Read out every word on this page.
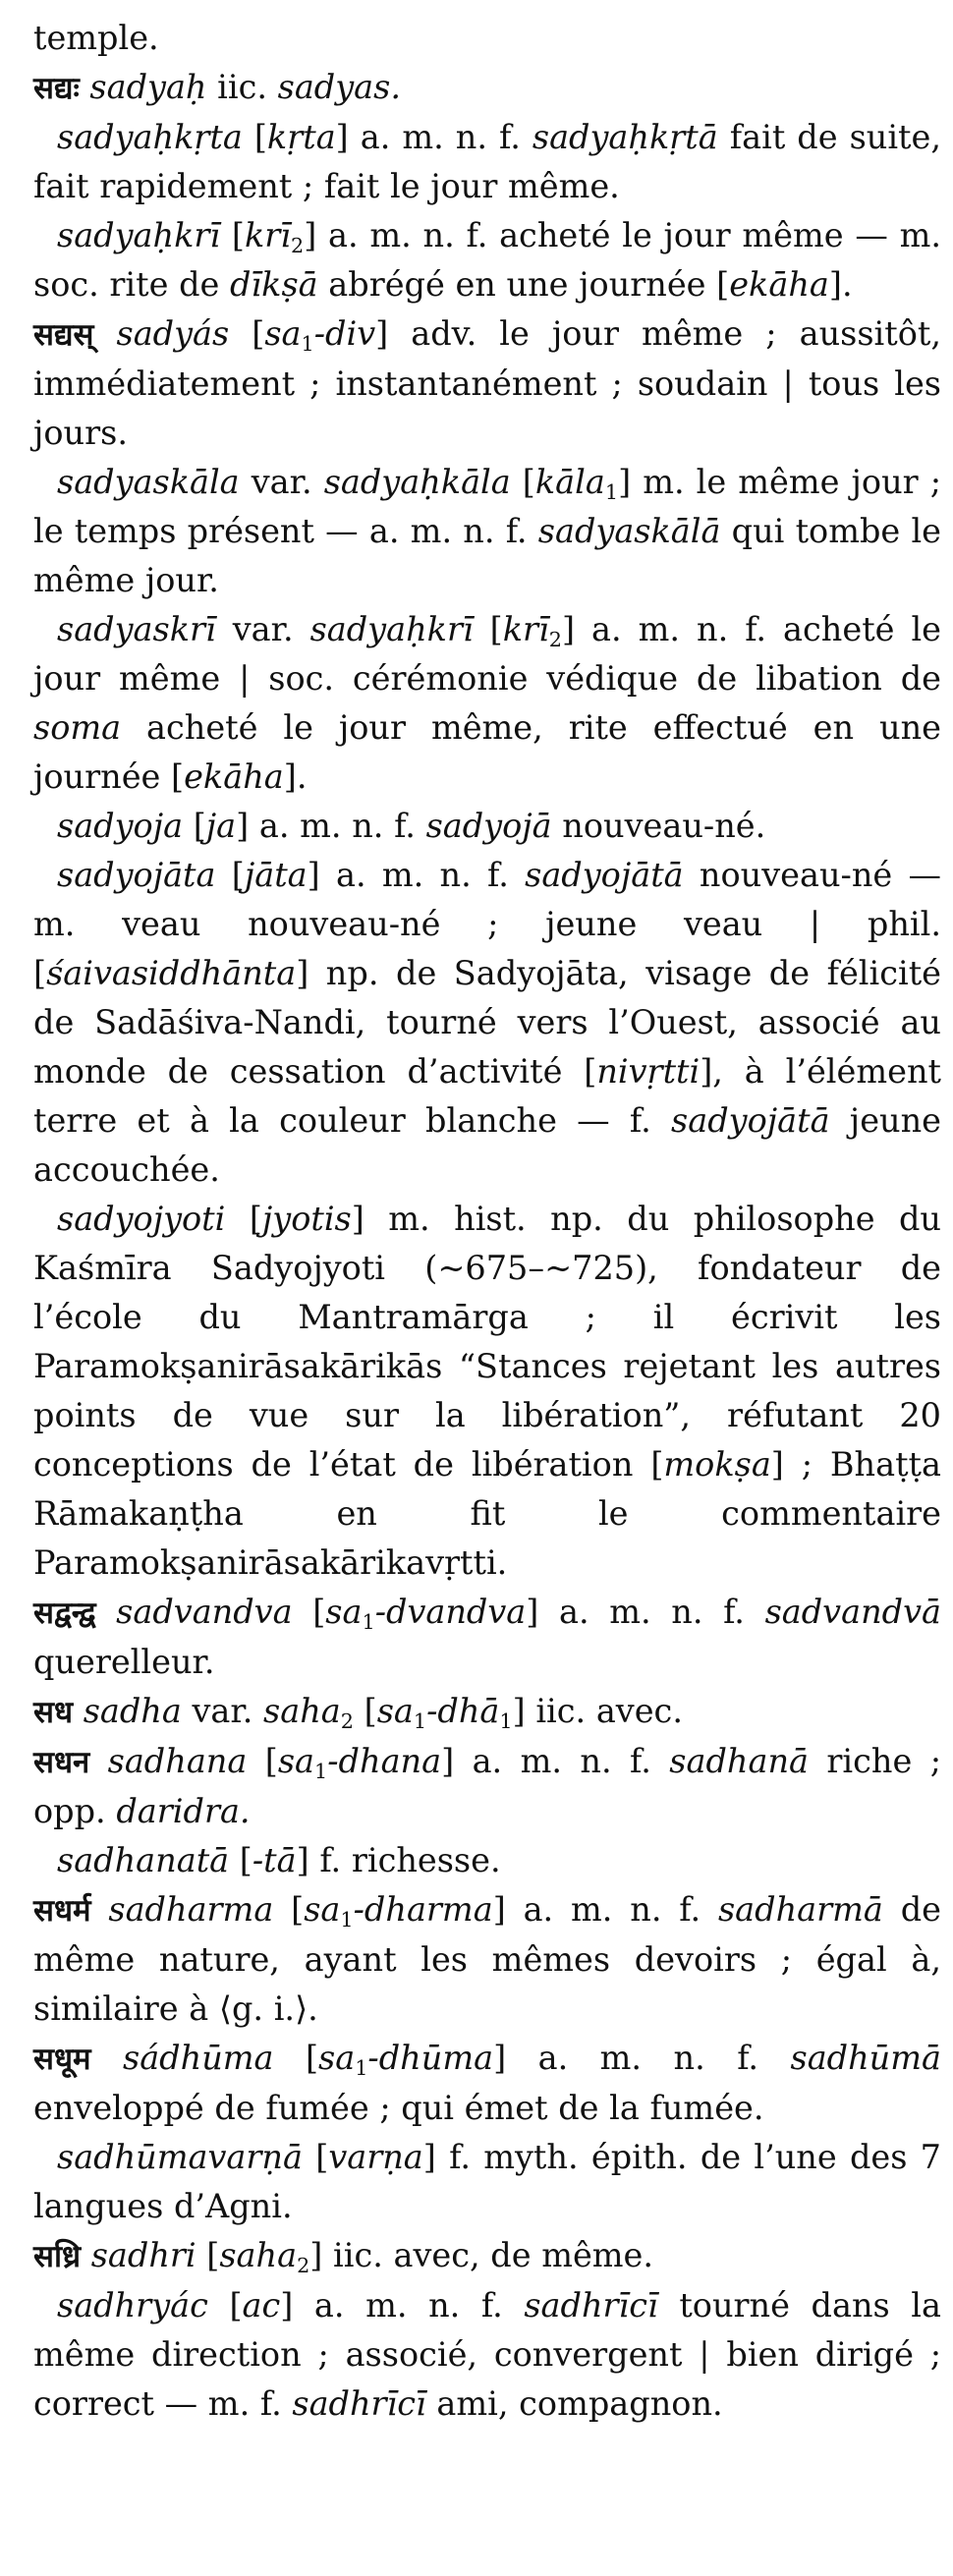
temple.

सद्यः sadyaḥ iic. sadyas.

sadyaḥkṛta [kṛta] a. m. n. f. sadyaḥkṛtā fait de suite, fait rapidement ; fait le jour même.

sadyaḥkrī [krī2] a. m. n. f. acheté le jour même — m. soc. rite de dīkṣā abrégé en une journée [ekāha].

सद्यस् sadyás [sa1-div] adv. le jour même ; aussitôt, immédiatement ; instantanément ; soudain | tous les jours.

sadyaskāla var. sadyaḥkāla [kāla1] m. le même jour ; le temps présent — a. m. n. f. sadyaskālā qui tombe le même jour.

sadyaskrī var. sadyaḥkrī [krī2] a. m. n. f. acheté le jour même | soc. cérémonie védique de libation de soma acheté le jour même, rite effectué en une journée [ekāha].

sadyoja [ja] a. m. n. f. sadyojā nouveau-né.

sadyojāta [jāta] a. m. n. f. sadyojātā nouveau-né — m. veau nouveau-né ; jeune veau | phil. [śaivasiddhānta] np. de Sadyojāta, visage de félicité de Sadāśiva-Nandi, tourné vers l’Ouest, associé au monde de cessation d’activité [nivṛtti], à l’élément terre et à la couleur blanche — f. sadyojātā jeune accouchée.

sadyojyoti [jyotis] m. hist. np. du philosophe du Kaśmīra Sadyojyoti (∼675–∼725), fondateur de l’école du Mantramārga ; il écrivit les Paramokṣanirāsakārikās “Stances rejetant les autres points de vue sur la libération”, réfutant 20 conceptions de l’état de libération [mokṣa] ; Bhaṭṭa Rāmakaṇṭha en fit le commentaire Paramokṣanirāsakārikavṛtti.

सद्वन्द्व sadvandva [sa1-dvandva] a. m. n. f. sadvandvā querelleur.

सध sadha var. saha2 [sa1-dhā1] iic. avec.

सधन sadhana [sa1-dhana] a. m. n. f. sadhanā riche ; opp. daridra.

sadhanatā [-tā] f. richesse.

सधर्म sadharma [sa1-dharma] a. m. n. f. sadharmā de même nature, ayant les mêmes devoirs ; égal à, similaire à ⟨g. i.⟩.

सधूम sádhūma [sa1-dhūma] a. m. n. f. sadhūmā enveloppé de fumée ; qui émet de la fumée.

sadhūmavarṇā [varṇa] f. myth. épith. de l’une des 7 langues d’Agni.

सध्रि sadhri [saha2] iic. avec, de même.

sadhryác [ac] a. m. n. f. sadhrīcī tourné dans la même direction ; associé, convergent | bien dirigé ; correct — m. f. sadhrīcī ami, compagnon.
